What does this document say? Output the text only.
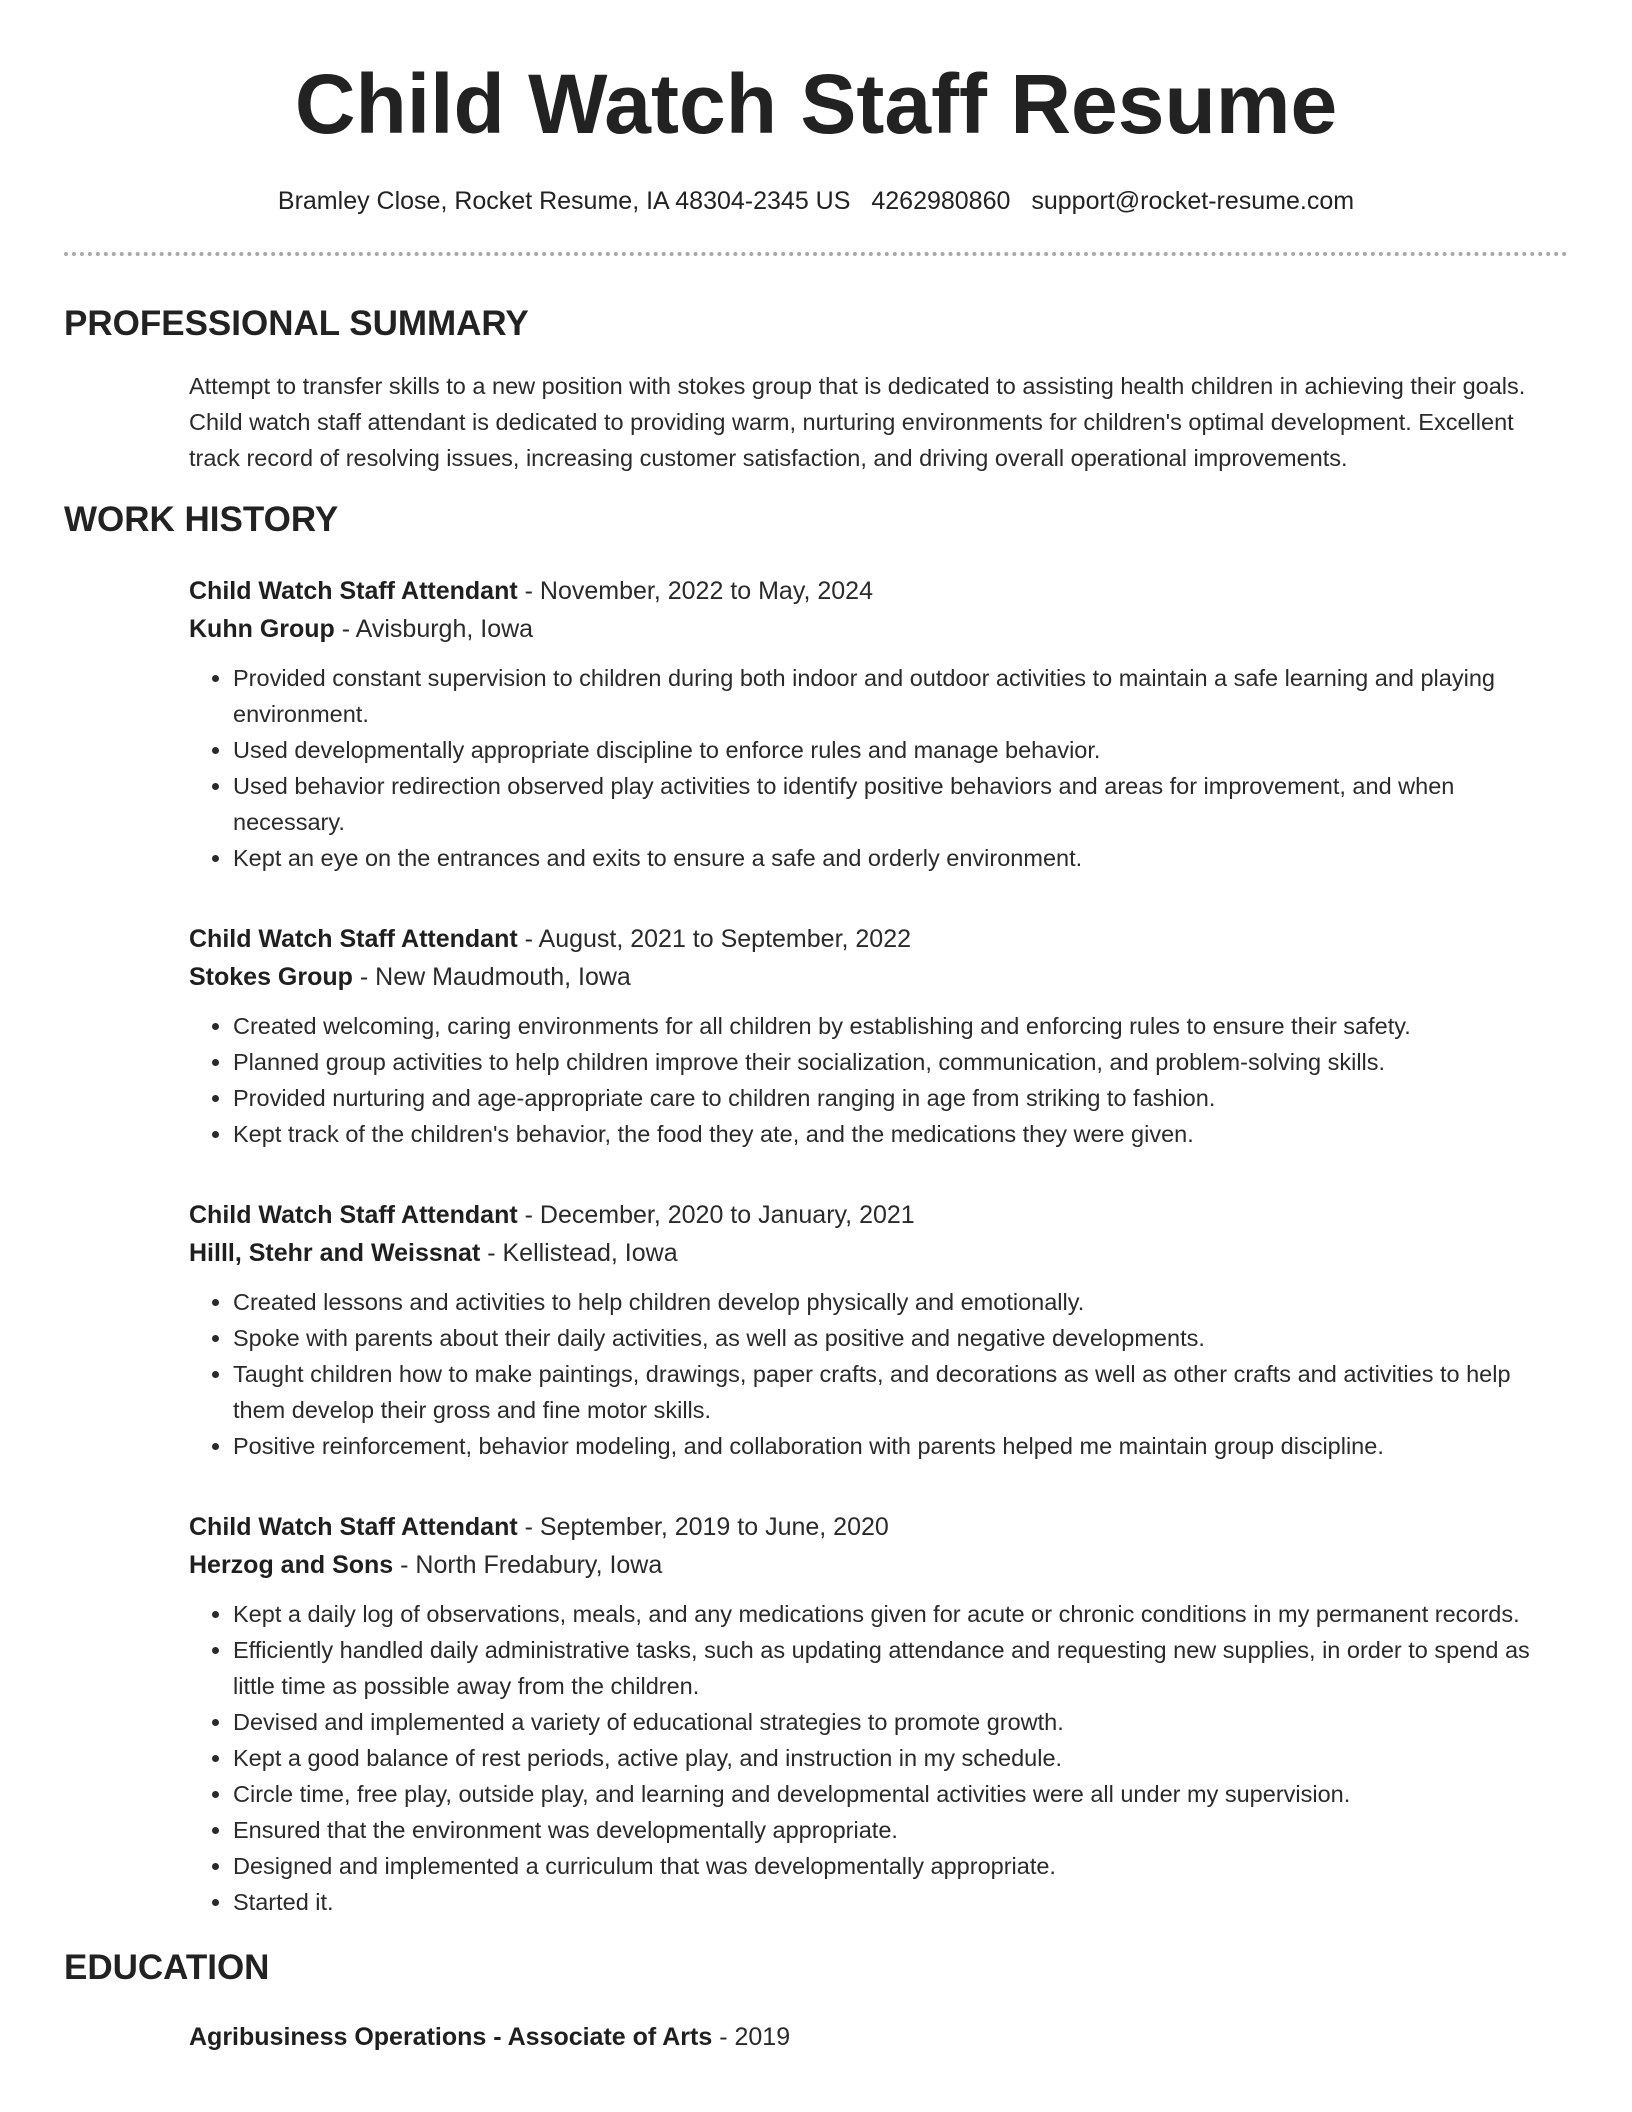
Child Watch Staff Resume
Bramley Close, Rocket Resume, IA 48304-2345 US 4262980860 support@rocket-resume.com
PROFESSIONAL SUMMARY
Attempt to transfer skills to a new position with stokes group that is dedicated to assisting health children in achieving their goals. Child watch staff attendant is dedicated to providing warm, nurturing environments for children's optimal development. Excellent track record of resolving issues, increasing customer satisfaction, and driving overall operational improvements.
WORK HISTORY
Child Watch Staff Attendant - November, 2022 to May, 2024
Kuhn Group - Avisburgh, Iowa
• Provided constant supervision to children during both indoor and outdoor activities to maintain a safe learning and playing environment.
• Used developmentally appropriate discipline to enforce rules and manage behavior.
• Used behavior redirection observed play activities to identify positive behaviors and areas for improvement, and when necessary.
• Kept an eye on the entrances and exits to ensure a safe and orderly environment.
Child Watch Staff Attendant - August, 2021 to September, 2022
Stokes Group - New Maudmouth, Iowa
• Created welcoming, caring environments for all children by establishing and enforcing rules to ensure their safety.
• Planned group activities to help children improve their socialization, communication, and problem-solving skills.
• Provided nurturing and age-appropriate care to children ranging in age from striking to fashion.
• Kept track of the children's behavior, the food they ate, and the medications they were given.
Child Watch Staff Attendant - December, 2020 to January, 2021
Hilll, Stehr and Weissnat - Kellistead, Iowa
• Created lessons and activities to help children develop physically and emotionally.
• Spoke with parents about their daily activities, as well as positive and negative developments.
• Taught children how to make paintings, drawings, paper crafts, and decorations as well as other crafts and activities to help them develop their gross and fine motor skills.
• Positive reinforcement, behavior modeling, and collaboration with parents helped me maintain group discipline.
Child Watch Staff Attendant - September, 2019 to June, 2020
Herzog and Sons - North Fredabury, Iowa
• Kept a daily log of observations, meals, and any medications given for acute or chronic conditions in my permanent records.
• Efficiently handled daily administrative tasks, such as updating attendance and requesting new supplies, in order to spend as little time as possible away from the children.
• Devised and implemented a variety of educational strategies to promote growth.
• Kept a good balance of rest periods, active play, and instruction in my schedule.
• Circle time, free play, outside play, and learning and developmental activities were all under my supervision.
• Ensured that the environment was developmentally appropriate.
• Designed and implemented a curriculum that was developmentally appropriate.
• Started it.
EDUCATION
Agribusiness Operations - Associate of Arts - 2019
